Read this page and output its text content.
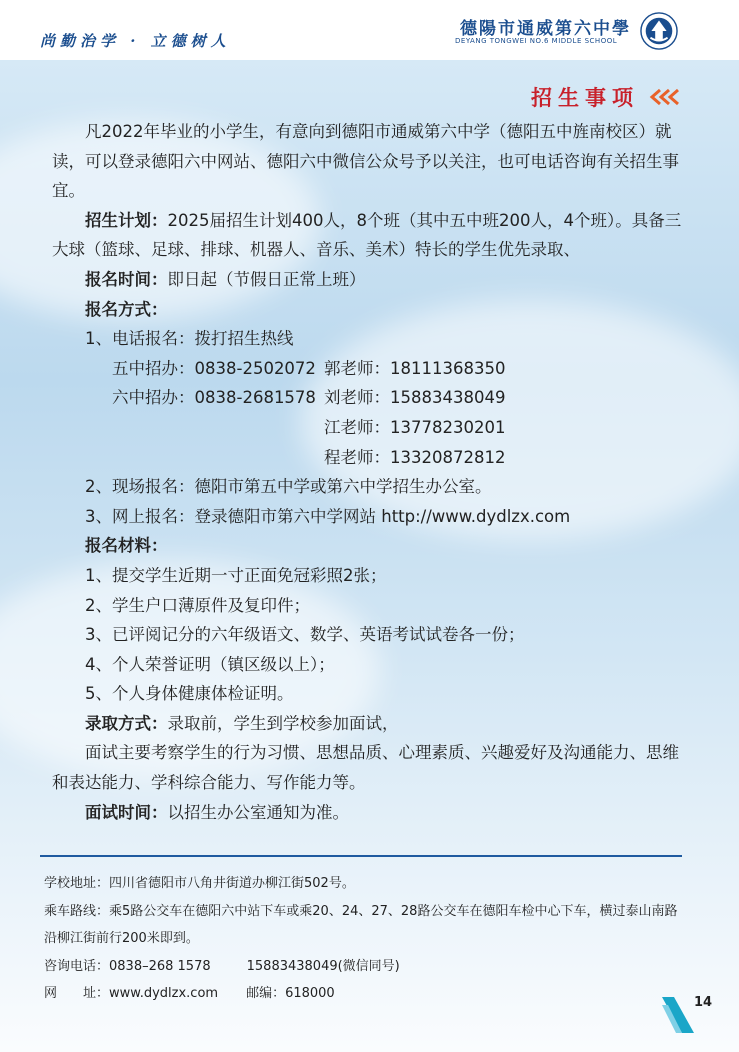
尚勤治学 · 立德树人
德陽市通威第六中學
DEYANG TONGWEI NO.6 MIDDLE SCHOOL
招生事项

凡2022年毕业的小学生，有意向到德阳市通威第六中学（德阳五中旌南校区）就读，可以登录德阳六中网站、德阳六中微信公众号予以关注，也可电话咨询有关招生事宜。

招生计划：2025届招生计划400人，8个班（其中五中班200人，4个班）。具备三大球（篮球、足球、排球、机器人、音乐、美术）特长的学生优先录取、

报名时间：即日起（节假日正常上班）

报名方式：

1、电话报名：拨打招生热线

五中招办：0838-2502072 郭老师：18111368350
六中招办：0838-2681578 刘老师：15883438049
江老师：13778230201
程老师：13320872812

2、现场报名：德阳市第五中学或第六中学招生办公室。

3、网上报名：登录德阳市第六中学网站 http://www.dydlzx.com

报名材料：

1、提交学生近期一寸正面免冠彩照2张；

2、学生户口薄原件及复印件；

3、已评阅记分的六年级语文、数学、英语考试试卷各一份；

4、个人荣誉证明（镇区级以上）；

5、个人身体健康体检证明。

录取方式：录取前，学生到学校参加面试，

面试主要考察学生的行为习惯、思想品质、心理素质、兴趣爱好及沟通能力、思维和表达能力、学科综合能力、写作能力等。

面试时间：以招生办公室通知为准。

学校地址：四川省德阳市八角井街道办柳江街502号。

乘车路线：乘5路公交车在德阳六中站下车或乘20、24、27、28路公交车在德阳车检中心下车，横过泰山南路沿柳江街前行200米即到。

咨询电话：0838–268 1578	15883438049(微信同号)

网　　址：www.dydlzx.com 邮编：618000

14
